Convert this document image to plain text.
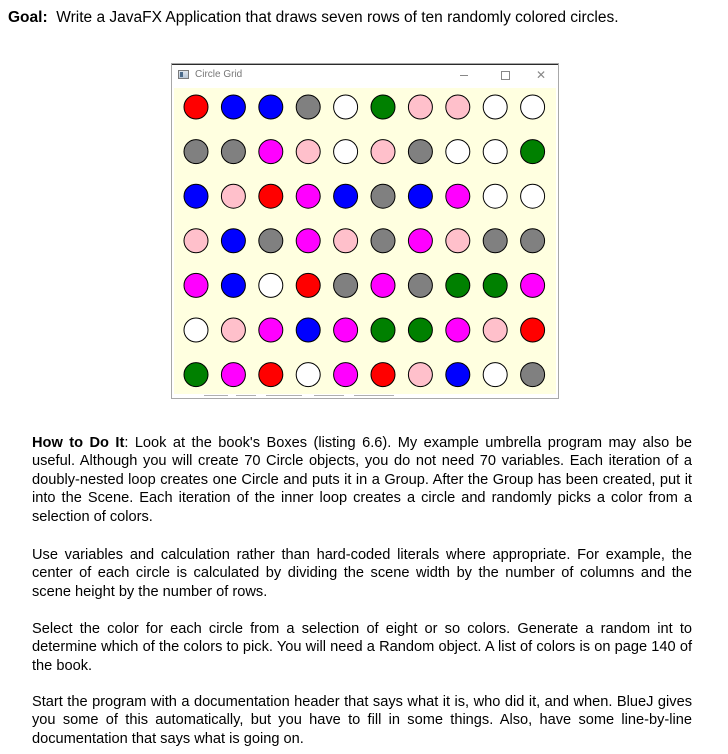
Goal: Write a JavaFX Application that draws seven rows of ten randomly colored circles.
Circle Grid	✕
How to Do It: Look at the book's Boxes (listing 6.6). My example umbrella program may also be useful. Although you will create 70 Circle objects, you do not need 70 variables. Each iteration of a doubly-nested loop creates one Circle and puts it in a Group. After the Group has been created, put it into the Scene. Each iteration of the inner loop creates a circle and randomly picks a color from a selection of colors.
Use variables and calculation rather than hard-coded literals where appropriate. For example, the center of each circle is calculated by dividing the scene width by the number of columns and the scene height by the number of rows.
Select the color for each circle from a selection of eight or so colors. Generate a random int to determine which of the colors to pick. You will need a Random object. A list of colors is on page 140 of the book.
Start the program with a documentation header that says what it is, who did it, and when. BlueJ gives you some of this automatically, but you have to fill in some things. Also, have some line-by-line documentation that says what is going on.
